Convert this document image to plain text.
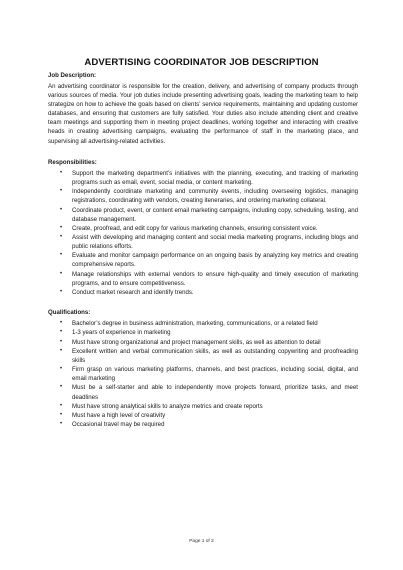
ADVERTISING COORDINATOR JOB DESCRIPTION

Job Description:

An advertising coordinator is responsible for the creation, delivery, and advertising of company products through various sources of media. Your job duties include presenting advertising goals, leading the marketing team to help strategize on how to achieve the goals based on clients’ service requirements, maintaining and updating customer databases, and ensuring that customers are fully satisfied. Your duties also include attending client and creative team meetings and supporting them in meeting project deadlines, working together and interacting with creative heads in creating advertising campaigns, evaluating the performance of staff in the marketing place, and supervising all advertising-related activities.

Responsibilities:

• Support the marketing department’s initiatives with the planning, executing, and tracking of marketing programs such as email, event, social media, or content marketing.
• Independently coordinate marketing and community events, including overseeing logistics, managing registrations, coordinating with vendors, creating iteneraries, and ordering marketing collateral.
• Coordinate product, event, or content email marketing campaigns, including copy, scheduling, testing, and database management.
• Create, proofread, and edit copy for various marketing channels, ensuring consistent voice.
• Assist with developing and managing content and social media marketing programs, including blogs and public relations efforts.
• Evaluate and monitor campaign performance on an ongoing basis by analyzing key metrics and creating comprehensive reports.
• Manage relationships with external vendors to ensure high-quality and timely execution of marketing programs, and to ensure competitiveness.
• Conduct market research and identify trends.

Qualifications:

• Bachelor’s degree in business administration, marketing, communications, or a related field
• 1-3 years of experience in marketing
• Must have strong organizational and project management skills, as well as attention to detail
• Excellent written and verbal communication skills, as well as outstanding copywriting and proofreading skills
• Firm grasp on various marketing platforms, channels, and best practices, including social, digital, and email marketing
• Must be a self-starter and able to independently move projects forward, prioritize tasks, and meet deadlines
• Must have strong analytical skills to analyze metrics and create reports
• Must have a high level of creativity
• Occasional travel may be required
Page 1 of 2
